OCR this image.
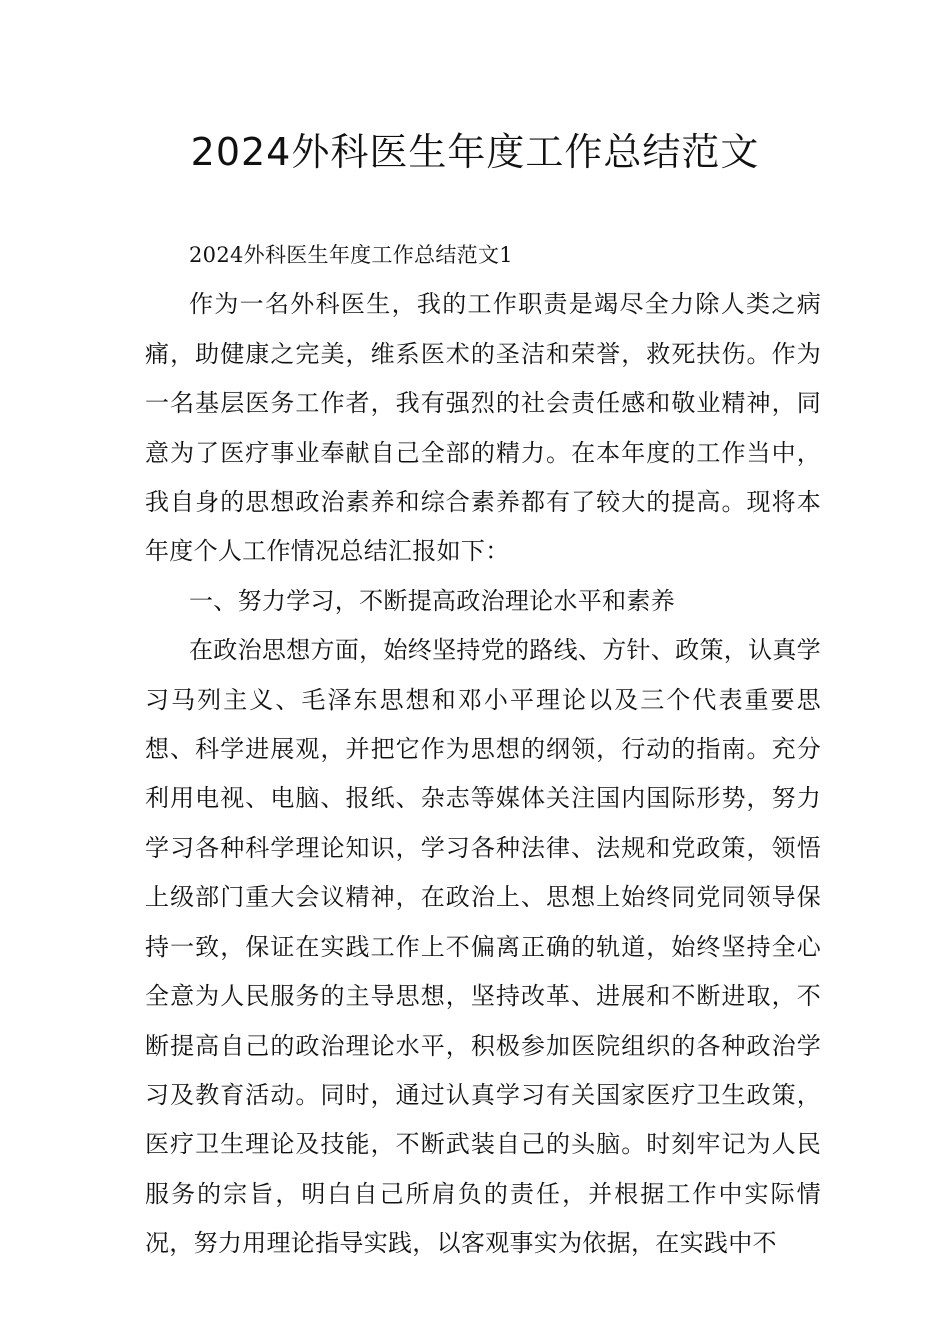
2024外科医生年度工作总结范文

2024外科医生年度工作总结范文1

作为一名外科医生，我的工作职责是竭尽全力除人类之病痛，助健康之完美，维系医术的圣洁和荣誉，救死扶伤。作为一名基层医务工作者，我有强烈的社会责任感和敬业精神，同意为了医疗事业奉献自己全部的精力。在本年度的工作当中，我自身的思想政治素养和综合素养都有了较大的提高。现将本年度个人工作情况总结汇报如下：

一、努力学习，不断提高政治理论水平和素养

在政治思想方面，始终坚持党的路线、方针、政策，认真学习马列主义、毛泽东思想和邓小平理论以及三个代表重要思想、科学进展观，并把它作为思想的纲领，行动的指南。充分利用电视、电脑、报纸、杂志等媒体关注国内国际形势，努力学习各种科学理论知识，学习各种法律、法规和党政策，领悟上级部门重大会议精神，在政治上、思想上始终同党同领导保持一致，保证在实践工作上不偏离正确的轨道，始终坚持全心全意为人民服务的主导思想，坚持改革、进展和不断进取，不断提高自己的政治理论水平，积极参加医院组织的各种政治学习及教育活动。同时，通过认真学习有关国家医疗卫生政策，医疗卫生理论及技能，不断武装自己的头脑。时刻牢记为人民服务的宗旨，明白自己所肩负的责任，并根据工作中实际情况，努力用理论指导实践，以客观事实为依据，在实践中不
